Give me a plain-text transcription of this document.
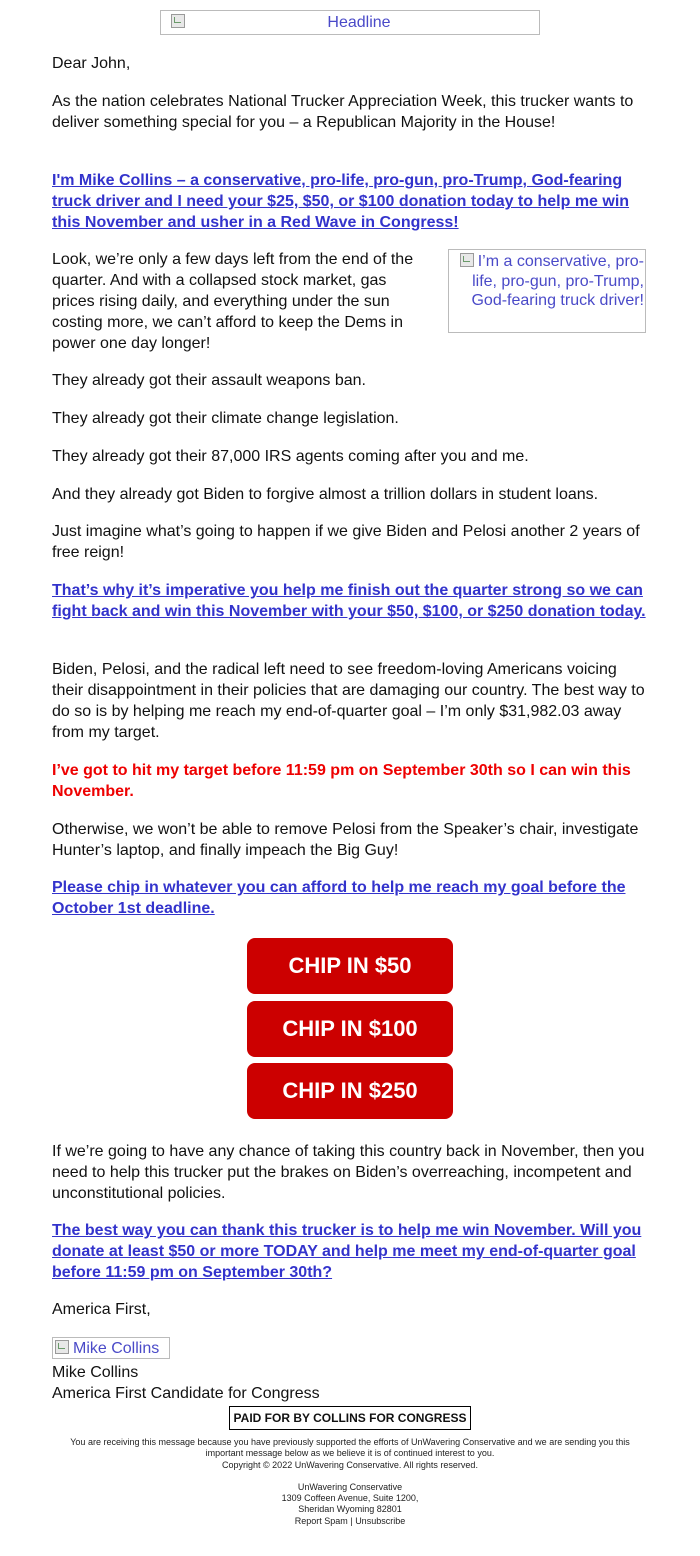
Headline

Dear John,

As the nation celebrates National Trucker Appreciation Week, this trucker wants to deliver something special for you – a Republican Majority in the House!

I'm Mike Collins – a conservative, pro-life, pro-gun, pro-Trump, God-fearing truck driver and I need your $25, $50, or $100 donation today to help me win this November and usher in a Red Wave in Congress!

Look, we’re only a few days left from the end of the quarter. And with a collapsed stock market, gas prices rising daily, and everything under the sun costing more, we can’t afford to keep the Dems in power one day longer!

They already got their assault weapons ban.

They already got their climate change legislation.

They already got their 87,000 IRS agents coming after you and me.

And they already got Biden to forgive almost a trillion dollars in student loans.

Just imagine what’s going to happen if we give Biden and Pelosi another 2 years of free reign!

That’s why it’s imperative you help me finish out the quarter strong so we can fight back and win this November with your $50, $100, or $250 donation today.

Biden, Pelosi, and the radical left need to see freedom-loving Americans voicing their disappointment in their policies that are damaging our country. The best way to do so is by helping me reach my end-of-quarter goal – I’m only $31,982.03 away from my target.

I’ve got to hit my target before 11:59 pm on September 30th so I can win this November.

Otherwise, we won’t be able to remove Pelosi from the Speaker’s chair, investigate Hunter’s laptop, and finally impeach the Big Guy!

Please chip in whatever you can afford to help me reach my goal before the October 1st deadline.

If we’re going to have any chance of taking this country back in November, then you need to help this trucker put the brakes on Biden’s overreaching, incompetent and unconstitutional policies.

The best way you can thank this trucker is to help me win November. Will you donate at least $50 or more TODAY and help me meet my end-of-quarter goal before 11:59 pm on September 30th?

America First,

Mike Collins

America First Candidate for Congress

I’m a conservative, pro-life, pro-gun, pro-Trump, God-fearing truck driver!
CHIP IN $50
CHIP IN $100
CHIP IN $250
Mike Collins
PAID FOR BY COLLINS FOR CONGRESS
You are receiving this message because you have previously supported the efforts of UnWavering Conservative and we are sending you this important message below as we believe it is of continued interest to you.
Copyright © 2022 UnWavering Conservative. All rights reserved.
UnWavering Conservative
1309 Coffeen Avenue, Suite 1200,
Sheridan Wyoming 82801
Report Spam | Unsubscribe
